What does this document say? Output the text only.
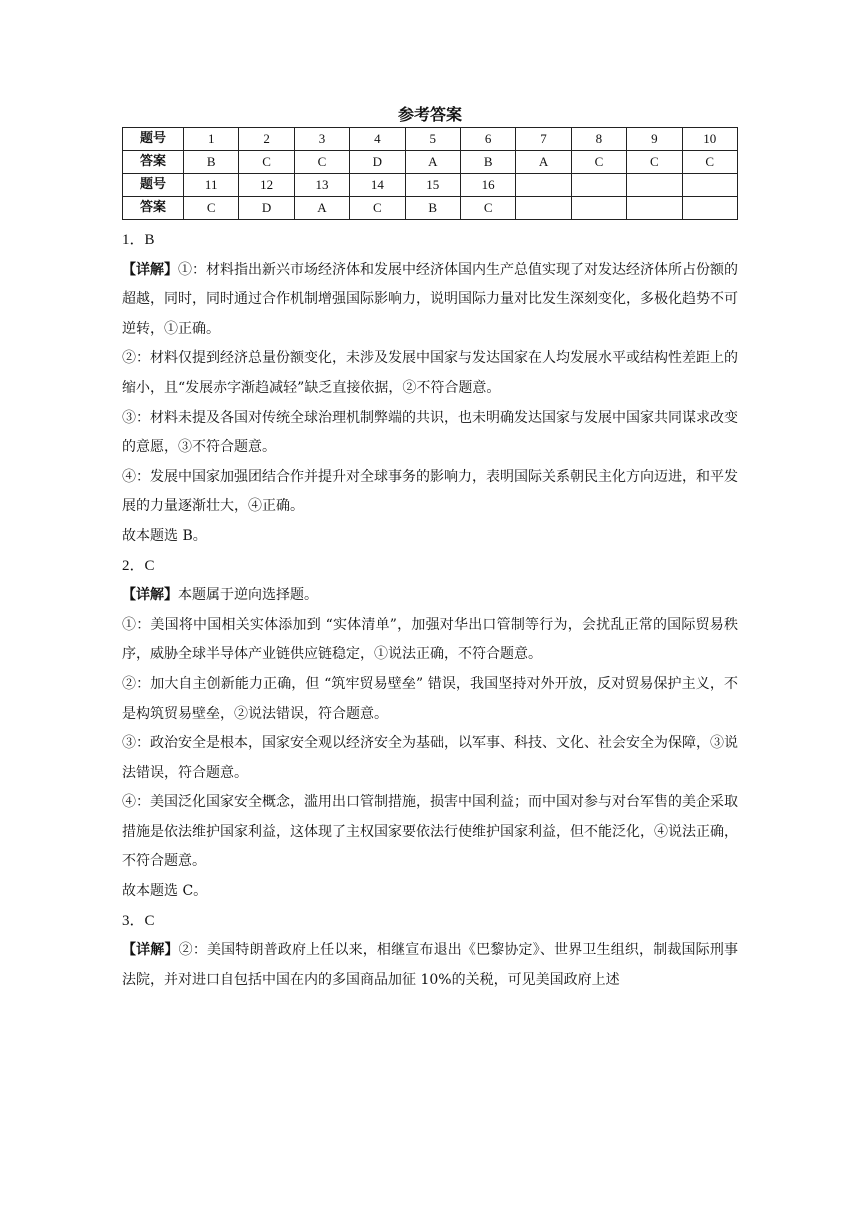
参考答案
题号	1	2	3	4	5	6	7	8	9	10
答案	B	C	C	D	A	B	A	C	C	C
题号	11	12	13	14	15	16				
答案	C	D	A	C	B	C				

1．B

【详解】①：材料指出新兴市场经济体和发展中经济体国内生产总值实现了对发达经济体所占份额的超越，同时，同时通过合作机制增强国际影响力，说明国际力量对比发生深刻变化，多极化趋势不可逆转，①正确。

②：材料仅提到经济总量份额变化，未涉及发展中国家与发达国家在人均发展水平或结构性差距上的缩小，且“发展赤字渐趋减轻”缺乏直接依据，②不符合题意。

③：材料未提及各国对传统全球治理机制弊端的共识，也未明确发达国家与发展中国家共同谋求改变的意愿，③不符合题意。

④：发展中国家加强团结合作并提升对全球事务的影响力，表明国际关系朝民主化方向迈进，和平发展的力量逐渐壮大，④正确。

故本题选 B。

2．C

【详解】本题属于逆向选择题。

①：美国将中国相关实体添加到 “实体清单”，加强对华出口管制等行为，会扰乱正常的国际贸易秩序，威胁全球半导体产业链供应链稳定，①说法正确，不符合题意。

②：加大自主创新能力正确，但 “筑牢贸易壁垒” 错误，我国坚持对外开放，反对贸易保护主义，不是构筑贸易壁垒，②说法错误，符合题意。

③：政治安全是根本，国家安全观以经济安全为基础，以军事、科技、文化、社会安全为保障，③说法错误，符合题意。

④：美国泛化国家安全概念，滥用出口管制措施，损害中国利益；而中国对参与对台军售的美企采取措施是依法维护国家利益，这体现了主权国家要依法行使维护国家利益，但不能泛化，④说法正确，不符合题意。

故本题选 C。

3．C

【详解】②：美国特朗普政府上任以来，相继宣布退出《巴黎协定》、世界卫生组织，制裁国际刑事法院，并对进口自包括中国在内的多国商品加征 10%的关税，可见美国政府上述
